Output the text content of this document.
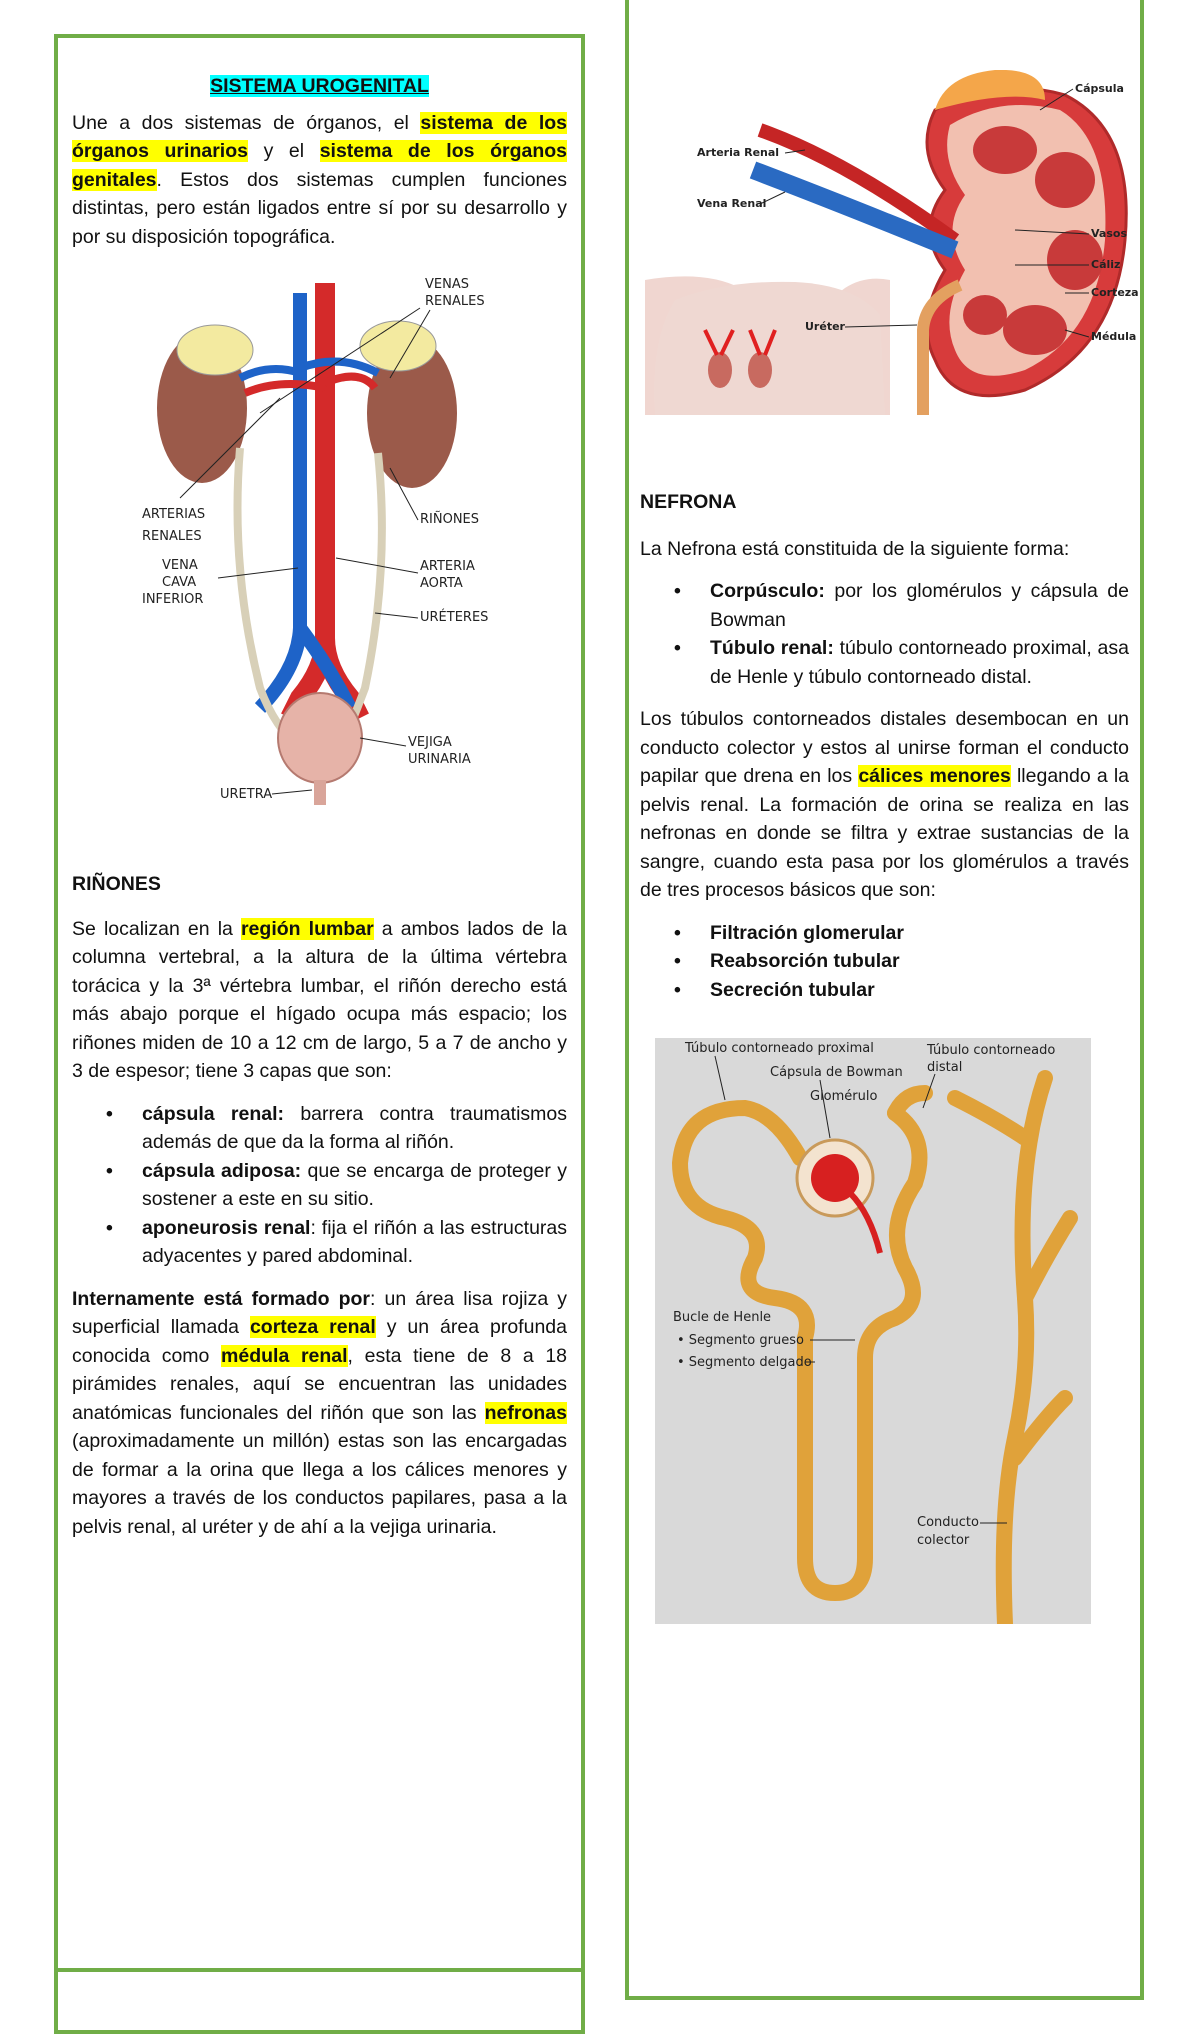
SISTEMA UROGENITAL

Une a dos sistemas de órganos, el sistema de los órganos urinarios y el sistema de los órganos genitales. Estos dos sistemas cumplen funciones distintas, pero están ligados entre sí por su desarrollo y por su disposición topográfica.

VENAS RENALES
ARTERIAS RENALES
RIÑONES
VENA CAVA INFERIOR
ARTERIA AORTA
URÉTERES
VEJIGA URINARIA
URETRA
RIÑONES

Se localizan en la región lumbar a ambos lados de la columna vertebral, a la altura de la última vértebra torácica y la 3ª vértebra lumbar, el riñón derecho está más abajo porque el hígado ocupa más espacio; los riñones miden de 10 a 12 cm de largo, 5 a 7 de ancho y 3 de espesor; tiene 3 capas que son:

• cápsula renal: barrera contra traumatismos además de que da la forma al riñón.
• cápsula adiposa: que se encarga de proteger y sostener a este en su sitio.
• aponeurosis renal: fija el riñón a las estructuras adyacentes y pared abdominal.

Internamente está formado por: un área lisa rojiza y superficial llamada corteza renal y un área profunda conocida como médula renal, esta tiene de 8 a 18 pirámides renales, aquí se encuentran las unidades anatómicas funcionales del riñón que son las nefronas (aproximadamente un millón) estas son las encargadas de formar a la orina que llega a los cálices menores y mayores a través de los conductos papilares, pasa a la pelvis renal, al uréter y de ahí a la vejiga urinaria.

Cápsula
Arteria Renal
Vena Renal
Vasos
Cáliz
Corteza
Uréter
Médula
NEFRONA

La Nefrona está constituida de la siguiente forma:

• Corpúsculo: por los glomérulos y cápsula de Bowman
• Túbulo renal: túbulo contorneado proximal, asa de Henle y túbulo contorneado distal.

Los túbulos contorneados distales desembocan en un conducto colector y estos al unirse forman el conducto papilar que drena en los cálices menores llegando a la pelvis renal. La formación de orina se realiza en las nefronas en donde se filtra y extrae sustancias de la sangre, cuando esta pasa por los glomérulos a través de tres procesos básicos que son:

• Filtración glomerular
• Reabsorción tubular
• Secreción tubular
Túbulo contorneado proximal
Cápsula de Bowman
Glomérulo
Túbulo contorneado distal
Bucle de Henle
• Segmento grueso
• Segmento delgado
Conducto colector
